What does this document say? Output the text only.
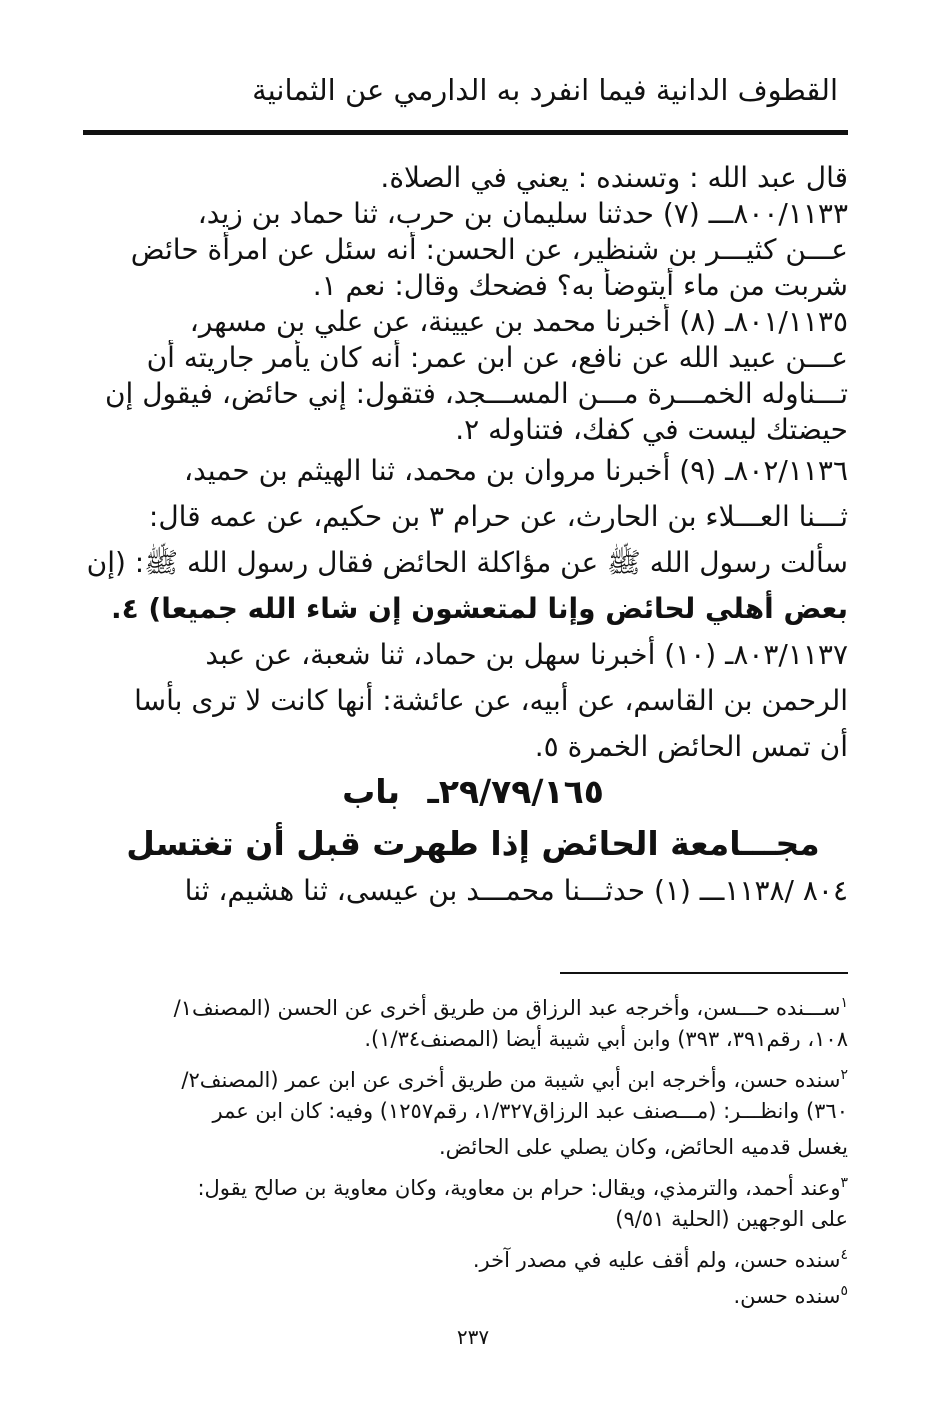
القطوف الدانية فيما انفرد به الدارمي عن الثمانية
قال عبد الله : وتسنده : يعني في الصلاة.
٨٠٠/١١٣٣ـــ (٧) حدثنا سليمان بن حرب، ثنا حماد بن زيد،
عـــن كثيـــر بن شنظير، عن الحسن: أنه سئل عن امرأة حائض
شربت من ماء أيتوضأ به؟ فضحك وقال: نعم ١.
٨٠١/١١٣٥ـ (٨) أخبرنا محمد بن عيينة، عن علي بن مسهر،
عـــن عبيد الله عن نافع، عن ابن عمر: أنه كان يأمر جاريته أن
تـــناوله الخمـــرة مـــن المســـجد، فتقول: إني حائض، فيقول إن
حيضتك ليست في كفك، فتناوله ٢.
٨٠٢/١١٣٦ـ (٩) أخبرنا مروان بن محمد، ثنا الهيثم بن حميد،
ثـــنا العـــلاء بن الحارث، عن حرام ٣ بن حكيم، عن عمه قال:
سألت رسول الله ﷺ عن مؤاكلة الحائض فقال رسول الله ﷺ: (إن
بعض أهلي لحائض وإنا لمتعشون إن شاء الله جميعا) ٤.
٨٠٣/١١٣٧ـ (١٠) أخبرنا سهل بن حماد، ثنا شعبة، عن عبد
الرحمن بن القاسم، عن أبيه، عن عائشة: أنها كانت لا ترى بأسا
أن تمس الحائض الخمرة ٥.
٢٩/٧٩/١٦٥ـ باب
مجـــامعة الحائض إذا طهرت قبل أن تغتسل
٨٠٤ /١١٣٨ـــ (١) حدثـــنا محمـــد بن عيسى، ثنا هشيم، ثنا
$^١$ســـنده حـــسن، وأخرجه عبد الرزاق من طريق أخرى عن الحسن (المصنف١/
١٠٨، رقم٣٩١، ٣٩٣) وابن أبي شيبة أيضا (المصنف١/٣٤).
$^٢$سنده حسن، وأخرجه ابن أبي شيبة من طريق أخرى عن ابن عمر (المصنف٢/
٣٦٠) وانظـــر: (مـــصنف عبد الرزاق١/٣٢٧، رقم١٢٥٧) وفيه: كان ابن عمر
يغسل قدميه الحائض، وكان يصلي على الحائض.
$^٣$وعند أحمد، والترمذي، ويقال: حرام بن معاوية، وكان معاوية بن صالح يقول:
على الوجهين (الحلية ٩/٥١)
$^٤$سنده حسن، ولم أقف عليه في مصدر آخر.
$^٥$سنده حسن.
٢٣٧
